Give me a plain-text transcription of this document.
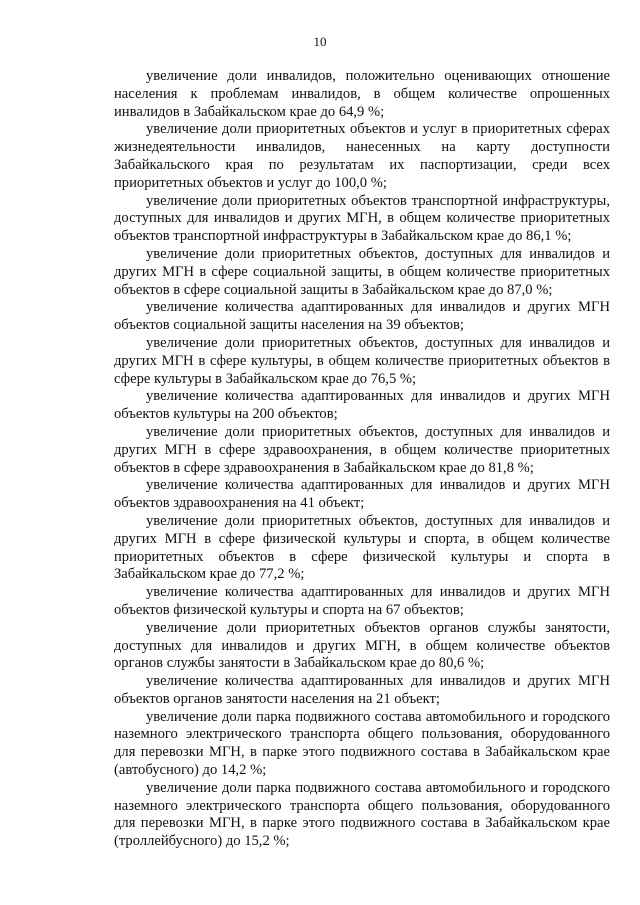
10

увеличение доли инвалидов, положительно оценивающих отношение населения к проблемам инвалидов, в общем количестве опрошенных инвалидов в Забайкальском крае до 64,9 %;

увеличение доли приоритетных объектов и услуг в приоритетных сферах жизнедеятельности инвалидов, нанесенных на карту доступности Забайкальского края по результатам их паспортизации, среди всех приоритетных объектов и услуг до 100,0 %;

увеличение доли приоритетных объектов транспортной инфраструктуры, доступных для инвалидов и других МГН, в общем количестве приоритетных объектов транспортной инфраструктуры в Забайкальском крае до 86,1 %;

увеличение доли приоритетных объектов, доступных для инвалидов и других МГН в сфере социальной защиты, в общем количестве приоритетных объектов в сфере социальной защиты в Забайкальском крае до 87,0 %;

увеличение количества адаптированных для инвалидов и других МГН объектов социальной защиты населения на 39 объектов;

увеличение доли приоритетных объектов, доступных для инвалидов и других МГН в сфере культуры, в общем количестве приоритетных объектов в сфере культуры в Забайкальском крае до 76,5 %;

увеличение количества адаптированных для инвалидов и других МГН объектов культуры на 200 объектов;

увеличение доли приоритетных объектов, доступных для инвалидов и других МГН в сфере здравоохранения, в общем количестве приоритетных объектов в сфере здравоохранения в Забайкальском крае до 81,8 %;

увеличение количества адаптированных для инвалидов и других МГН объектов здравоохранения на 41 объект;

увеличение доли приоритетных объектов, доступных для инвалидов и других МГН в сфере физической культуры и спорта, в общем количестве приоритетных объектов в сфере физической культуры и спорта в Забайкальском крае до 77,2 %;

увеличение количества адаптированных для инвалидов и других МГН объектов физической культуры и спорта на 67 объектов;

увеличение доли приоритетных объектов органов службы занятости, доступных для инвалидов и других МГН, в общем количестве объектов органов службы занятости в Забайкальском крае до 80,6 %;

увеличение количества адаптированных для инвалидов и других МГН объектов органов занятости населения на 21 объект;

увеличение доли парка подвижного состава автомобильного и городского наземного электрического транспорта общего пользования, оборудованного для перевозки МГН, в парке этого подвижного состава в Забайкальском крае (автобусного) до 14,2 %;

увеличение доли парка подвижного состава автомобильного и городского наземного электрического транспорта общего пользования, оборудованного для перевозки МГН, в парке этого подвижного состава в Забайкальском крае (троллейбусного) до 15,2 %;
